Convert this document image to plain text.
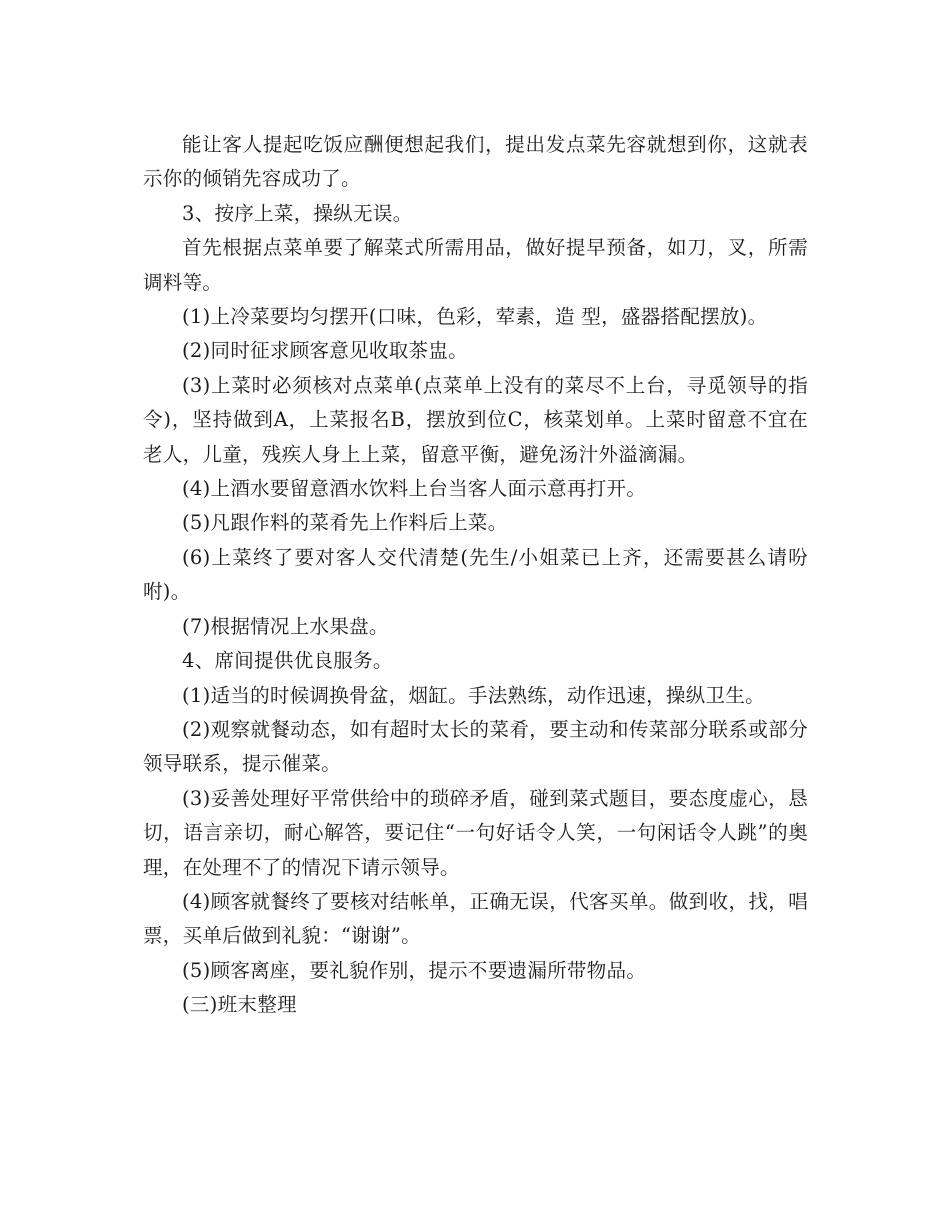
能让客人提起吃饭应酬便想起我们，提出发点菜先容就想到你，这就表示你的倾销先容成功了。

3、按序上菜，操纵无误。

首先根据点菜单要了解菜式所需用品，做好提早预备，如刀，叉，所需调料等。

(1)上冷菜要均匀摆开(口味，色彩，荤素，造 型，盛器搭配摆放)。

(2)同时征求顾客意见收取茶盅。

(3)上菜时必须核对点菜单(点菜单上没有的菜尽不上台，寻觅领导的指令)，坚持做到A，上菜报名B，摆放到位C，核菜划单。上菜时留意不宜在老人，儿童，残疾人身上上菜，留意平衡，避免汤汁外溢滴漏。

(4)上酒水要留意酒水饮料上台当客人面示意再打开。

(5)凡跟作料的菜肴先上作料后上菜。

(6)上菜终了要对客人交代清楚(先生/小姐菜已上齐，还需要甚么请吩咐)。

(7)根据情况上水果盘。

4、席间提供优良服务。

(1)适当的时候调换骨盆，烟缸。手法熟练，动作迅速，操纵卫生。

(2)观察就餐动态，如有超时太长的菜肴，要主动和传菜部分联系或部分领导联系，提示催菜。

(3)妥善处理好平常供给中的琐碎矛盾，碰到菜式题目，要态度虚心，恳切，语言亲切，耐心解答，要记住“一句好话令人笑，一句闲话令人跳”的奥理，在处理不了的情况下请示领导。

(4)顾客就餐终了要核对结帐单，正确无误，代客买单。做到收，找，唱票，买单后做到礼貌：“谢谢”。

(5)顾客离座，要礼貌作别，提示不要遗漏所带物品。

(三)班末整理
